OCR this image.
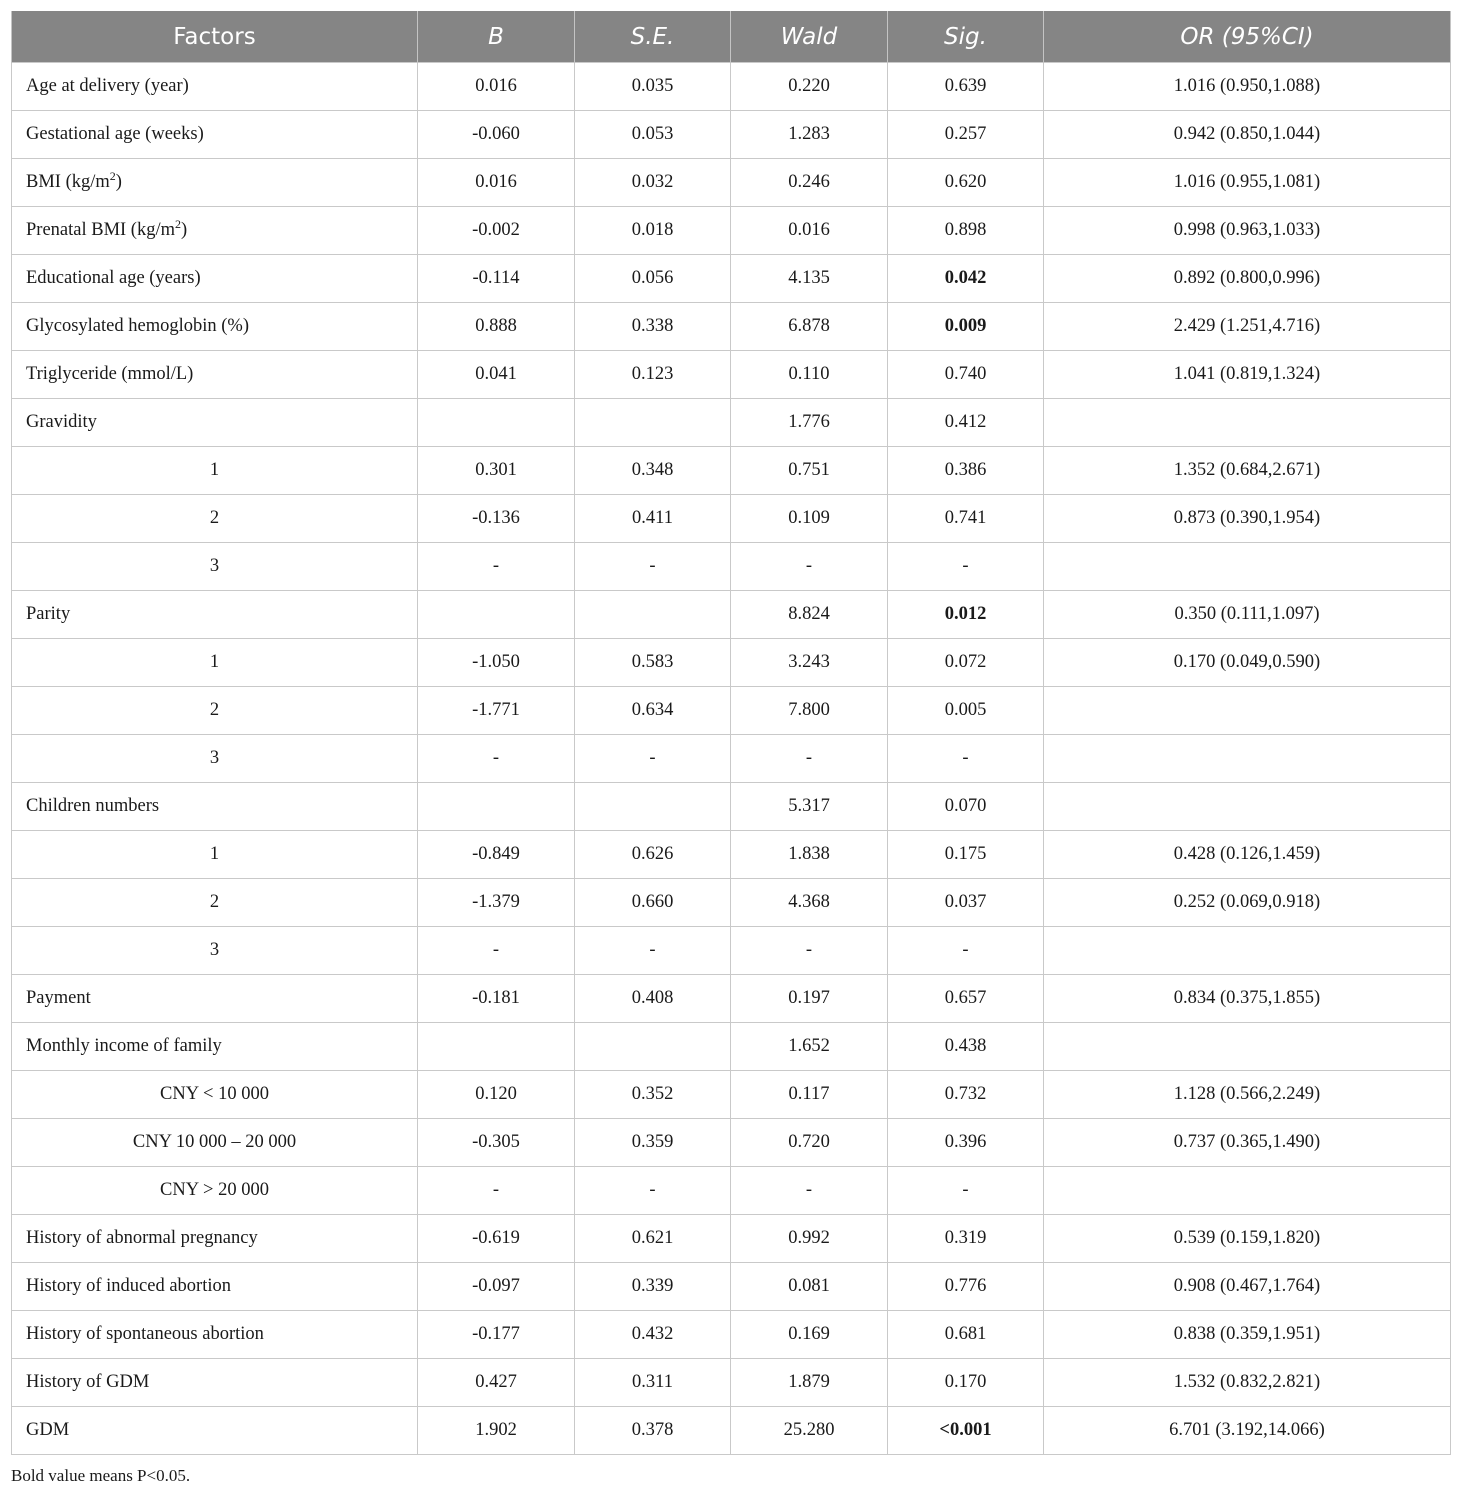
Factors	B	S.E.	Wald	Sig.	OR (95%CI)
Age at delivery (year)	0.016	0.035	0.220	0.639	1.016 (0.950,1.088)
Gestational age (weeks)	-0.060	0.053	1.283	0.257	0.942 (0.850,1.044)
BMI $(kg/m^2)$	0.016	0.032	0.246	0.620	1.016 (0.955,1.081)
Prenatal BMI $(kg/m^2)$	-0.002	0.018	0.016	0.898	0.998 (0.963,1.033)
Educational age (years)	-0.114	0.056	4.135	0.042	0.892 (0.800,0.996)
Glycosylated hemoglobin (%)	0.888	0.338	6.878	0.009	2.429 (1.251,4.716)
Triglyceride (mmol/L)	0.041	0.123	0.110	0.740	1.041 (0.819,1.324)
Gravidity			1.776	0.412	
1	0.301	0.348	0.751	0.386	1.352 (0.684,2.671)
2	-0.136	0.411	0.109	0.741	0.873 (0.390,1.954)
3	-	-	-	-	
Parity			8.824	0.012	0.350 (0.111,1.097)
1	-1.050	0.583	3.243	0.072	0.170 (0.049,0.590)
2	-1.771	0.634	7.800	0.005	
3	-	-	-	-	
Children numbers			5.317	0.070	
1	-0.849	0.626	1.838	0.175	0.428 (0.126,1.459)
2	-1.379	0.660	4.368	0.037	0.252 (0.069,0.918)
3	-	-	-	-	
Payment	-0.181	0.408	0.197	0.657	0.834 (0.375,1.855)
Monthly income of family			1.652	0.438	
CNY < 10 000	0.120	0.352	0.117	0.732	1.128 (0.566,2.249)
CNY 10 000 – 20 000	-0.305	0.359	0.720	0.396	0.737 (0.365,1.490)
CNY > 20 000	-	-	-	-	
History of abnormal pregnancy	-0.619	0.621	0.992	0.319	0.539 (0.159,1.820)
History of induced abortion	-0.097	0.339	0.081	0.776	0.908 (0.467,1.764)
History of spontaneous abortion	-0.177	0.432	0.169	0.681	0.838 (0.359,1.951)
History of GDM	0.427	0.311	1.879	0.170	1.532 (0.832,2.821)
GDM	1.902	0.378	25.280	<0.001	6.701 (3.192,14.066)
Bold value means P<0.05.
